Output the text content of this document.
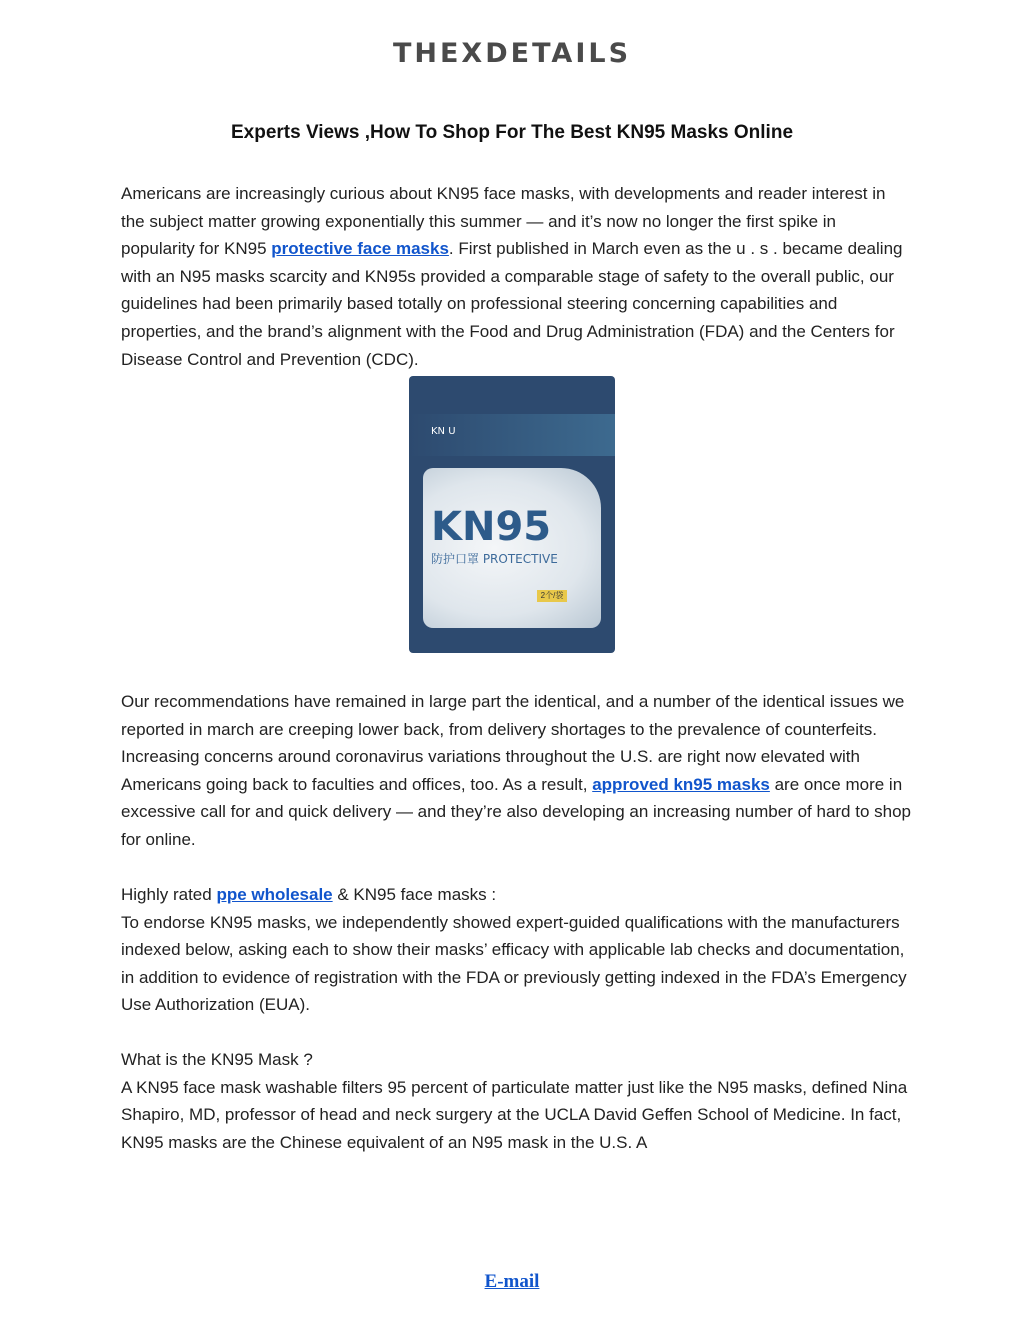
THEXDETAILS
Experts Views ,How To Shop For The Best KN95 Masks Online
Americans are increasingly curious about KN95 face masks, with developments and reader interest in the subject matter growing exponentially this summer — and it’s now no longer the first spike in popularity for KN95 protective face masks. First published in March even as the u . s . became dealing with an N95 masks scarcity and KN95s provided a comparable stage of safety to the overall public, our guidelines had been primarily based totally on professional steering concerning capabilities and properties, and the brand’s alignment with the Food and Drug Administration (FDA) and the Centers for Disease Control and Prevention (CDC).
KN U
KN95
防护口罩 PROTECTIVE
2个/袋
Our recommendations have remained in large part the identical, and a number of the identical issues we reported in march are creeping lower back, from delivery shortages to the prevalence of counterfeits. Increasing concerns around coronavirus variations throughout the U.S. are right now elevated with Americans going back to faculties and offices, too. As a result, approved kn95 masks are once more in excessive call for and quick delivery — and they’re also developing an increasing number of hard to shop for online.
Highly rated ppe wholesale & KN95 face masks :
To endorse KN95 masks, we independently showed expert-guided qualifications with the manufacturers indexed below, asking each to show their masks’ efficacy with applicable lab checks and documentation, in addition to evidence of registration with the FDA or previously getting indexed in the FDA’s Emergency Use Authorization (EUA).
What is the KN95 Mask ?
A KN95 face mask washable filters 95 percent of particulate matter just like the N95 masks, defined Nina Shapiro, MD, professor of head and neck surgery at the UCLA David Geffen School of Medicine. In fact, KN95 masks are the Chinese equivalent of an N95 mask in the U.S. A
E-mail
